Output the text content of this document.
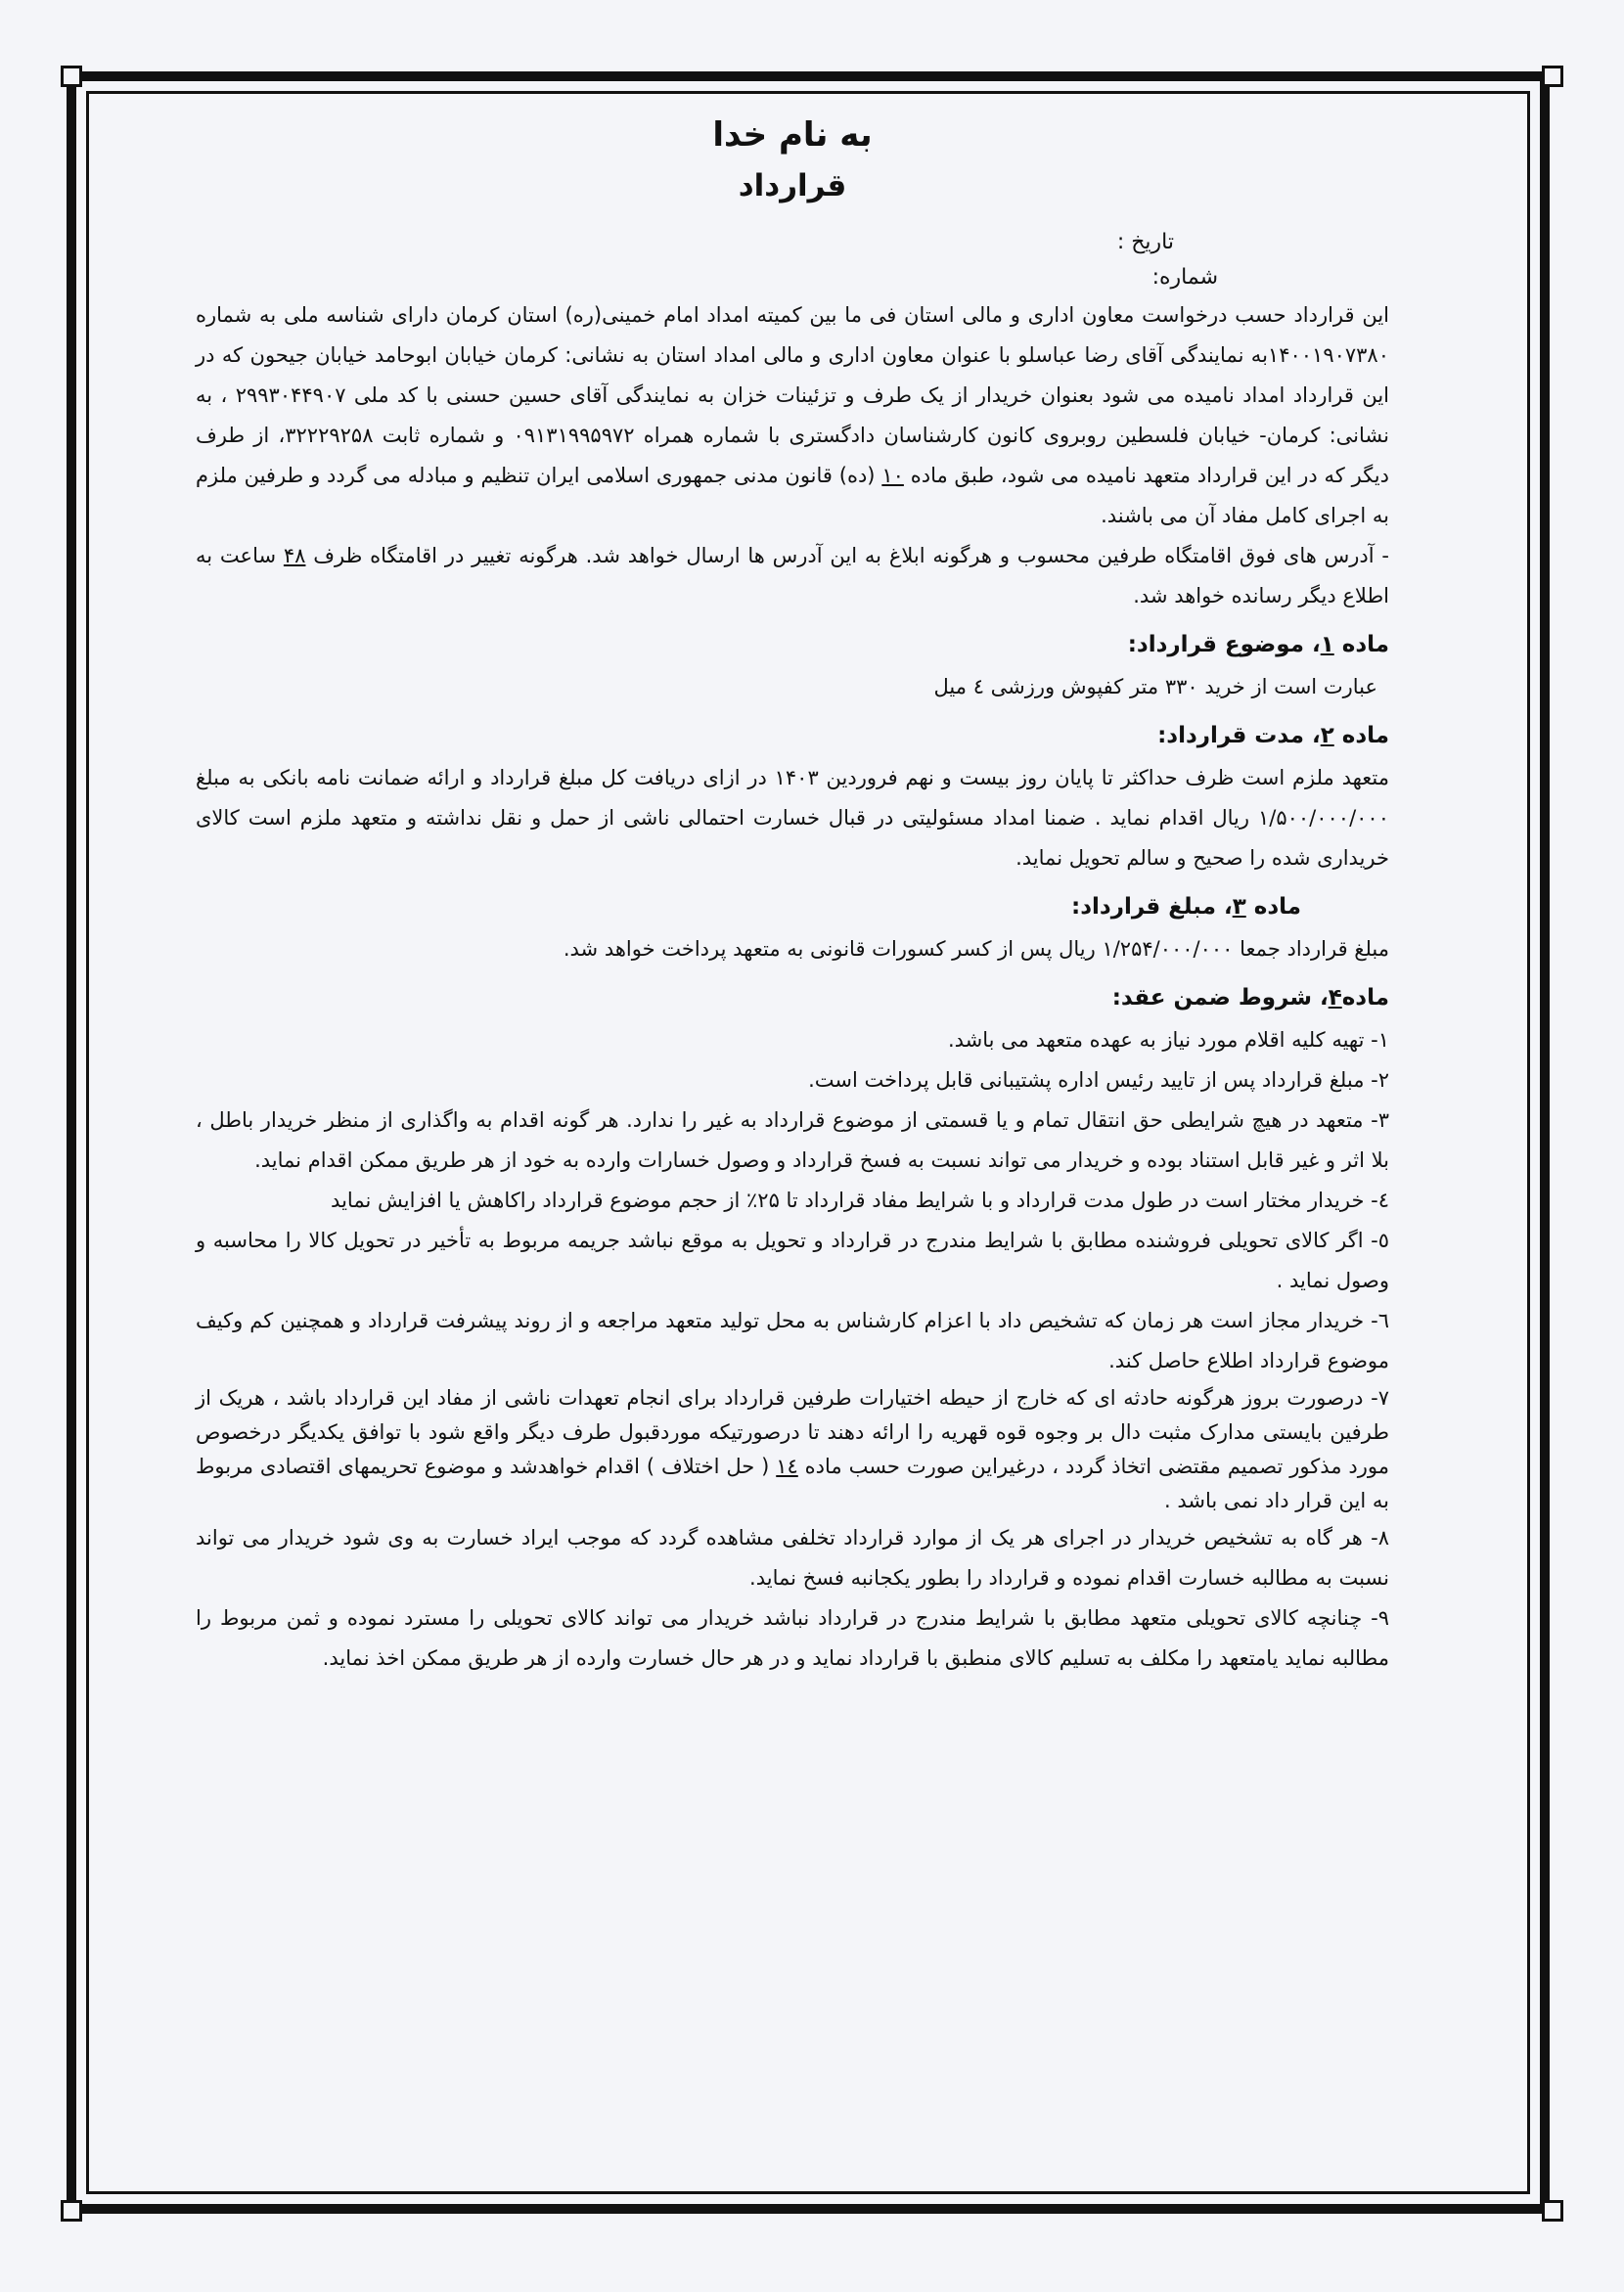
به نام خدا
قرارداد
تاریخ :
شماره:

این قرارداد حسب درخواست معاون اداری و مالی استان فی ما بین کمیته امداد امام خمینی(ره) استان کرمان دارای شناسه ملی به شماره ۱۴۰۰۱۹۰۷۳۸۰به نمایندگی آقای رضا عباسلو با عنوان معاون اداری و مالی امداد استان به نشانی: کرمان خیابان ابوحامد خیابان جیحون که در این قرارداد امداد نامیده می شود بعنوان خریدار از یک طرف و تزئینات خزان به نمایندگی آقای حسین حسنی با کد ملی ۲۹۹۳۰۴۴۹۰۷ ، به نشانی: کرمان- خیابان فلسطین روبروی کانون کارشناسان دادگستری با شماره همراه ۰۹۱۳۱۹۹۵۹۷۲ و شماره ثابت ۳۲۲۲۹۲۵۸، از طرف دیگر که در این قرارداد متعهد نامیده می شود، طبق ماده ۱۰ (ده) قانون مدنی جمهوری اسلامی ایران تنظیم و مبادله می گردد و طرفین ملزم به اجرای کامل مفاد آن می باشند.

- آدرس های فوق اقامتگاه طرفین محسوب و هرگونه ابلاغ به این آدرس ها ارسال خواهد شد. هرگونه تغییر در اقامتگاه ظرف ۴۸ ساعت به اطلاع دیگر رسانده خواهد شد.

ماده ۱، موضوع قرارداد:

عبارت است از خرید ۳۳۰ متر کفپوش ورزشی ٤ میل

ماده ۲، مدت قرارداد:

متعهد ملزم است ظرف حداکثر تا پایان روز بیست و نهم فروردین ۱۴۰۳ در ازای دریافت کل مبلغ قرارداد و ارائه ضمانت نامه بانکی به مبلغ ۱/۵۰۰/۰۰۰/۰۰۰ ریال اقدام نماید . ضمنا امداد مسئولیتی در قبال خسارت احتمالی ناشی از حمل و نقل نداشته و متعهد ملزم است کالای خریداری شده را صحیح و سالم تحویل نماید.

ماده ۳، مبلغ قرارداد:

مبلغ قرارداد جمعا ۱/۲۵۴/۰۰۰/۰۰۰ ریال پس از کسر کسورات قانونی به متعهد پرداخت خواهد شد.

ماده۴، شروط ضمن عقد:

۱- تهیه کلیه اقلام مورد نیاز به عهده متعهد می باشد.

۲- مبلغ قرارداد پس از تایید رئیس اداره پشتیبانی قابل پرداخت است.

۳- متعهد در هیچ شرایطی حق انتقال تمام و یا قسمتی از موضوع قرارداد به غیر را ندارد. هر گونه اقدام به واگذاری از منظر خریدار باطل ، بلا اثر و غیر قابل استناد بوده و خریدار می تواند نسبت به فسخ قرارداد و وصول خسارات وارده به خود از هر طریق ممکن اقدام نماید.

٤- خریدار مختار است در طول مدت قرارداد و با شرایط مفاد قرارداد تا ۲۵٪ از حجم موضوع قرارداد راکاهش یا افزایش نماید

٥- اگر کالای تحویلی فروشنده مطابق با شرایط مندرج در قرارداد و تحویل به موقع نباشد جریمه مربوط به تأخیر در تحویل کالا را محاسبه و وصول نماید .

٦- خریدار مجاز است هر زمان که تشخیص داد با اعزام کارشناس به محل تولید متعهد مراجعه و از روند پیشرفت قرارداد و همچنین کم وکیف موضوع قرارداد اطلاع حاصل کند.

٧- درصورت بروز هرگونه حادثه ای که خارج از حیطه اختیارات طرفین قرارداد برای انجام تعهدات ناشی از مفاد این قرارداد باشد ، هریک از طرفین بایستی مدارک مثبت دال بر وجوه قوه قهریه را ارائه دهند تا درصورتیکه موردقبول طرف دیگر واقع شود با توافق یکدیگر درخصوص مورد مذکور تصمیم مقتضی اتخاذ گردد ، درغیراین صورت حسب ماده ١٤ ( حل اختلاف ) اقدام خواهدشد و موضوع تحریمهای اقتصادی مربوط به این قرار داد نمی باشد .

۸- هر گاه به تشخیص خریدار در اجرای هر یک از موارد قرارداد تخلفی مشاهده گردد که موجب ایراد خسارت به وی شود خریدار می تواند نسبت به مطالبه خسارت اقدام نموده و قرارداد را بطور یکجانبه فسخ نماید.

۹- چنانچه کالای تحویلی متعهد مطابق با شرایط مندرج در قرارداد نباشد خریدار می تواند کالای تحویلی را مسترد نموده و ثمن مربوط را مطالبه نماید یامتعهد را مکلف به تسلیم کالای منطبق با قرارداد نماید و در هر حال خسارت وارده از هر طریق ممکن اخذ نماید.
